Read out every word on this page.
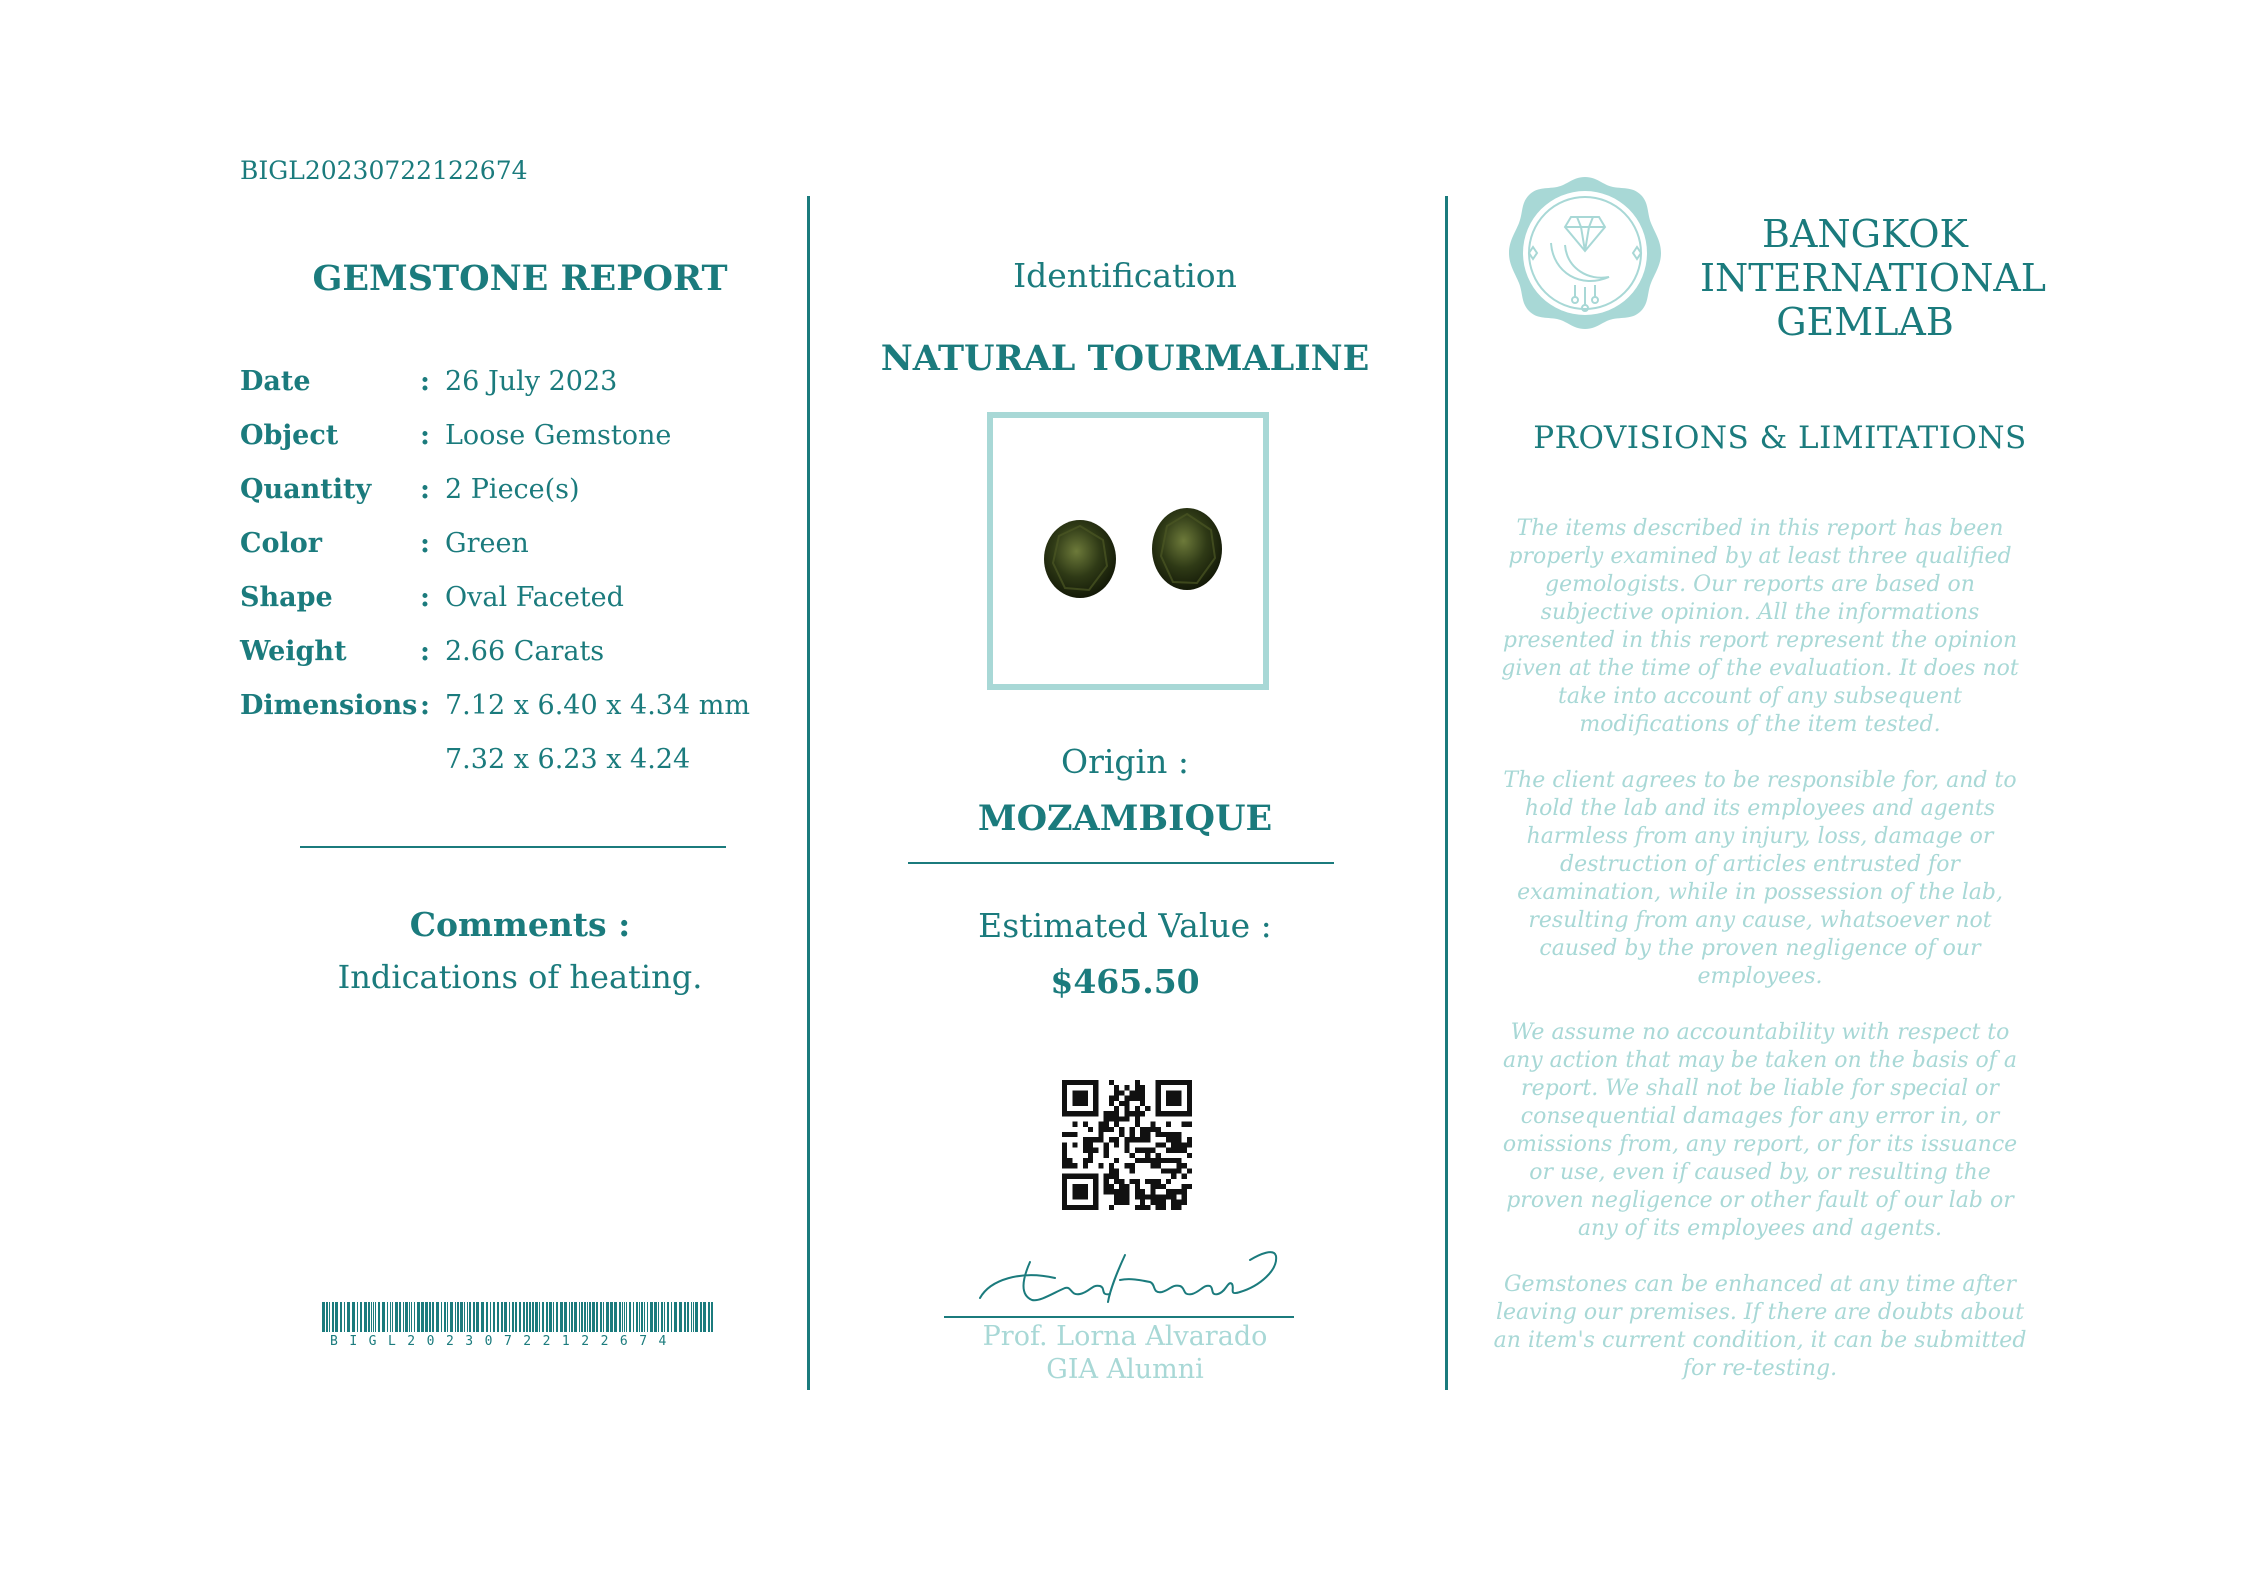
BIGL20230722122674
GEMSTONE REPORT
Date	: 26 July 2023
Object	: Loose Gemstone
Quantity	: 2 Piece(s)
Color	: Green
Shape	: Oval Faceted
Weight	: 2.66 Carats
Dimensions : 7.12 x 6.40 x 4.34 mm
7.32 x 6.23 x 4.24
Comments :
Indications of heating.
BIGL20230722122674
Identification
NATURAL TOURMALINE
Origin :
MOZAMBIQUE
Estimated Value :
$465.50
Prof. Lorna Alvarado
GIA Alumni
BANGKOK
INTERNATIONAL
GEMLAB
PROVISIONS & LIMITATIONS

The items described in this report has been properly examined by at least three qualified gemologists. Our reports are based on subjective opinion. All the informations presented in this report represent the opinion given at the time of the evaluation. It does not take into account of any subsequent modifications of the item tested.

The client agrees to be responsible for, and to hold the lab and its employees and agents harmless from any injury, loss, damage or destruction of articles entrusted for examination, while in possession of the lab, resulting from any cause, whatsoever not caused by the proven negligence of our employees.

We assume no accountability with respect to any action that may be taken on the basis of a report. We shall not be liable for special or consequential damages for any error in, or omissions from, any report, or for its issuance or use, even if caused by, or resulting the proven negligence or other fault of our lab or any of its employees and agents.

Gemstones can be enhanced at any time after leaving our premises. If there are doubts about an item's current condition, it can be submitted for re-testing.
